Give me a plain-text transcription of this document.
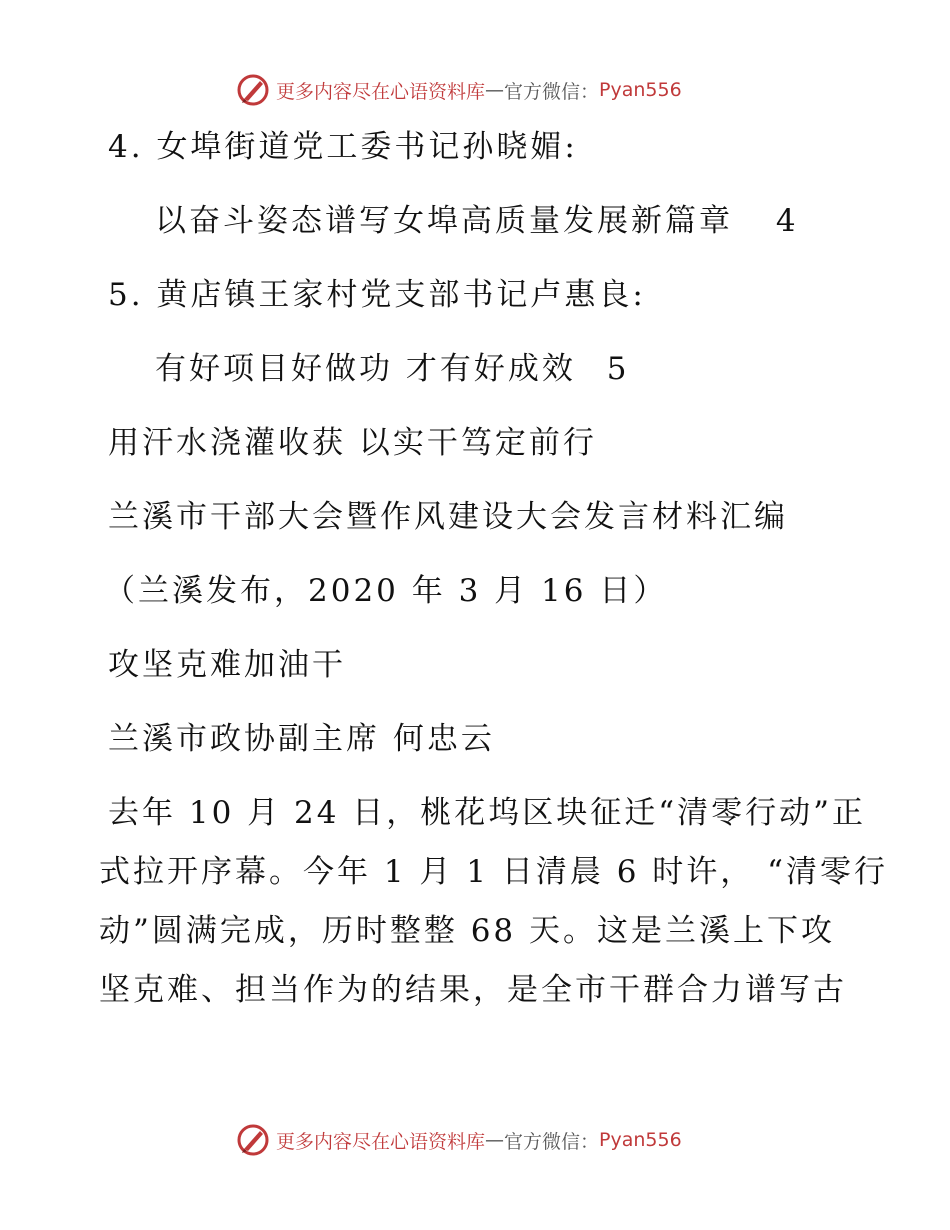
更多内容尽在心语资料库 — 官方微信： Pyan556
4. 女埠街道党工委书记孙晓媚:
以奋斗姿态谱写女埠高质量发展新篇章 4
5. 黄店镇王家村党支部书记卢惠良:
有好项目好做功 才有好成效 5
用汗水浇灌收获 以实干笃定前行
兰溪市干部大会暨作风建设大会发言材料汇编
（兰溪发布，2020 年 3 月 16 日）
攻坚克难加油干
兰溪市政协副主席 何忠云
去年 10 月 24 日，桃花坞区块征迁“清零行动”正
式拉开序幕。今年 1 月 1 日清晨 6 时许， “清零行
动”圆满完成，历时整整 68 天。这是兰溪上下攻
坚克难、担当作为的结果，是全市干群合力谱写古
更多内容尽在心语资料库 — 官方微信： Pyan556
